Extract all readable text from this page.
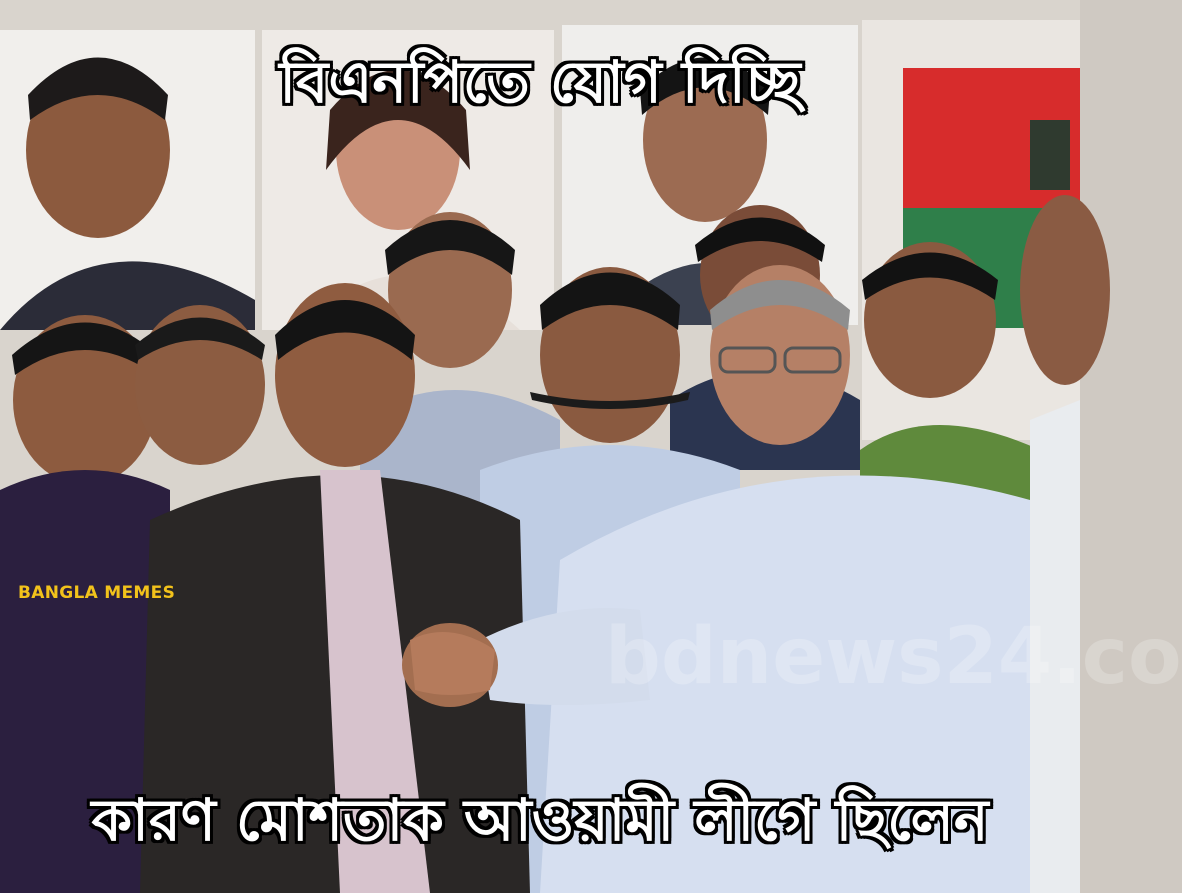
বিএনপিতে যোগ দিচ্ছি
bdnews24.co
BANGLA MEMES
কারণ মোশতাক আওয়ামী লীগে ছিলেন
